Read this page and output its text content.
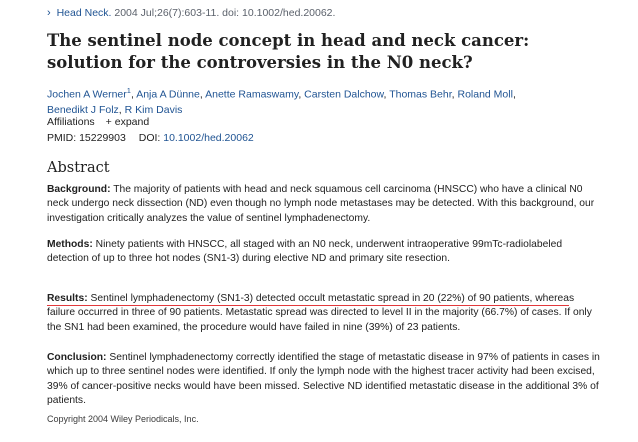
› Head Neck. 2004 Jul;26(7):603-11. doi: 10.1002/hed.20062.
The sentinel node concept in head and neck cancer: solution for the controversies in the N0 neck?
Jochen A Werner$^1$, Anja A Dünne, Anette Ramaswamy, Carsten Dalchow, Thomas Behr, Roland Moll,
Benedikt J Folz, R Kim Davis
Affiliations + expand
PMID: 15229903 DOI: 10.1002/hed.20062
Abstract

Background: The majority of patients with head and neck squamous cell carcinoma (HNSCC) who have a clinical N0 neck undergo neck dissection (ND) even though no lymph node metastases may be detected. With this background, our investigation critically analyzes the value of sentinel lymphadenectomy.

Methods: Ninety patients with HNSCC, all staged with an N0 neck, underwent intraoperative 99mTc-radiolabeled detection of up to three hot nodes (SN1-3) during elective ND and primary site resection.

Results: Sentinel lymphadenectomy (SN1-3) detected occult metastatic spread in 20 (22%) of 90 patients, whereas failure occurred in three of 90 patients. Metastatic spread was directed to level II in the majority (66.7%) of cases. If only the SN1 had been examined, the procedure would have failed in nine (39%) of 23 patients.

Conclusion: Sentinel lymphadenectomy correctly identified the stage of metastatic disease in 97% of patients in cases in which up to three sentinel nodes were identified. If only the lymph node with the highest tracer activity had been excised, 39% of cancer-positive necks would have been missed. Selective ND identified metastatic disease in the additional 3% of patients.

Copyright 2004 Wiley Periodicals, Inc.
